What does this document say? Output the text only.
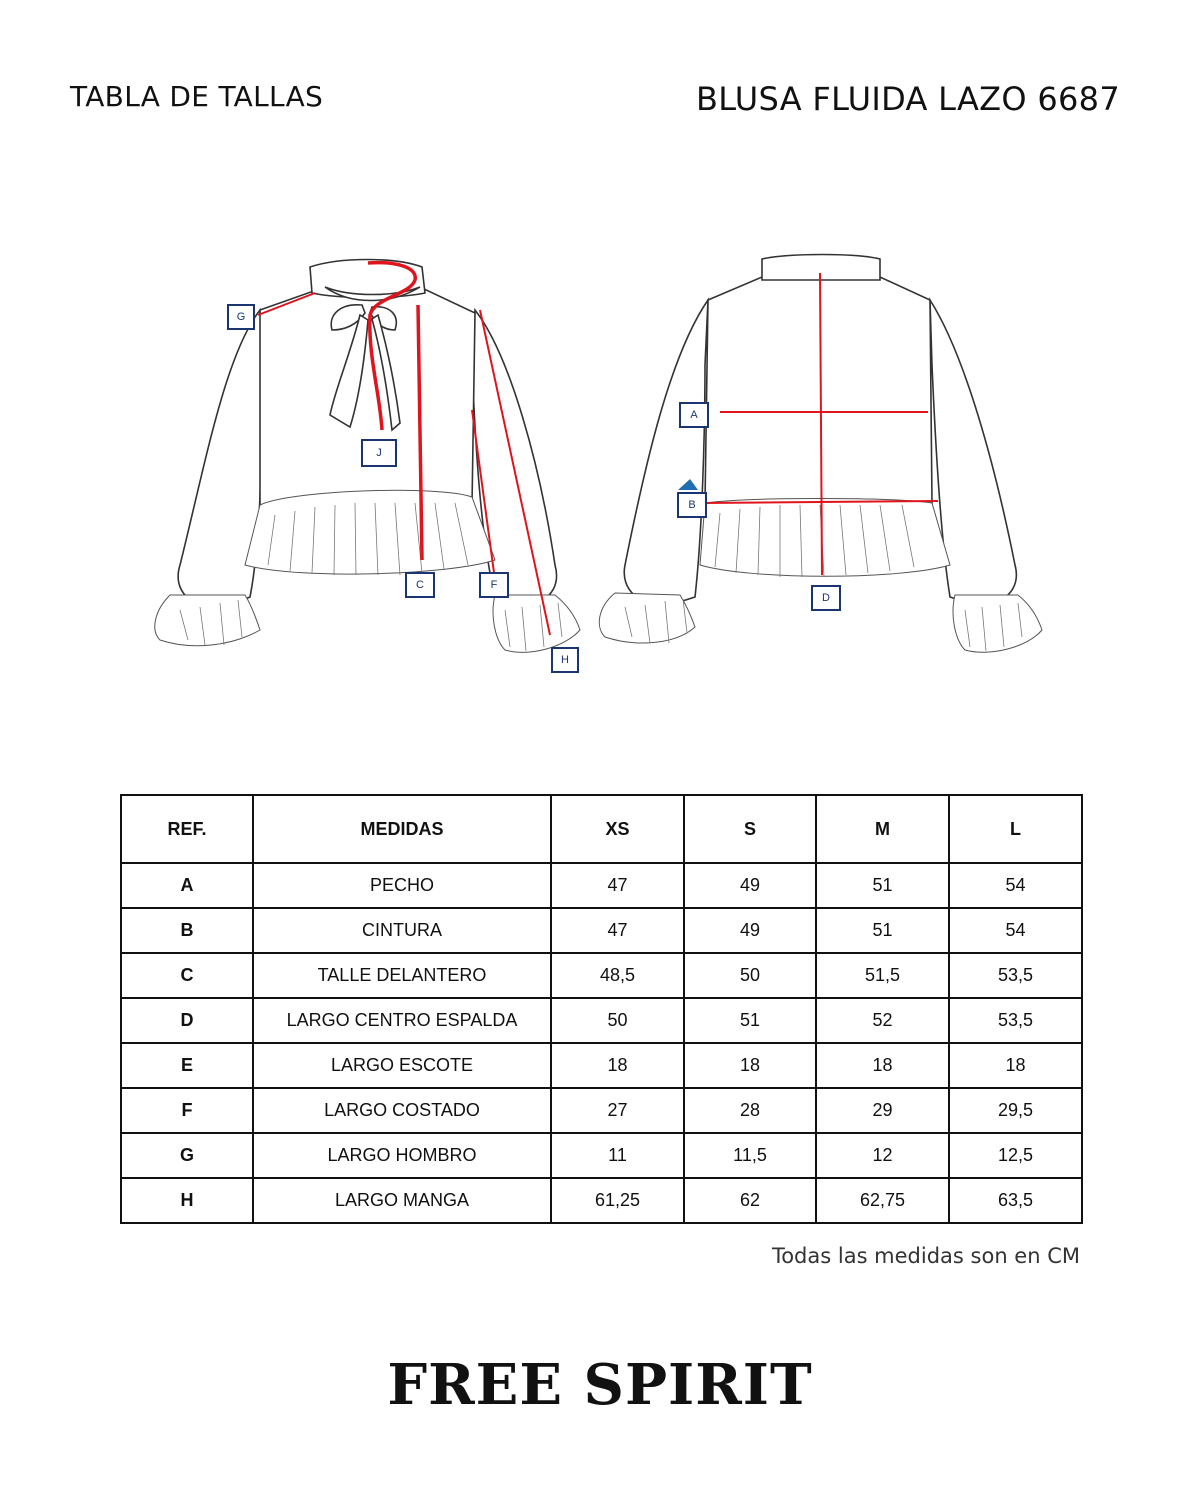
TABLA DE TALLAS	BLUSA FLUIDA LAZO 6687
G
J
C	F
H
A
B
D
REF.	MEDIDAS	XS	S	M	L
A	PECHO	47	49	51	54
B	CINTURA	47	49	51	54
C	TALLE DELANTERO	48,5	50	51,5	53,5
D	LARGO CENTRO ESPALDA	50	51	52	53,5
E	LARGO ESCOTE	18	18	18	18
F	LARGO COSTADO	27	28	29	29,5
G	LARGO HOMBRO	11	11,5	12	12,5
H	LARGO MANGA	61,25	62	62,75	63,5
Todas las medidas son en CM
FREE SPIRIT
